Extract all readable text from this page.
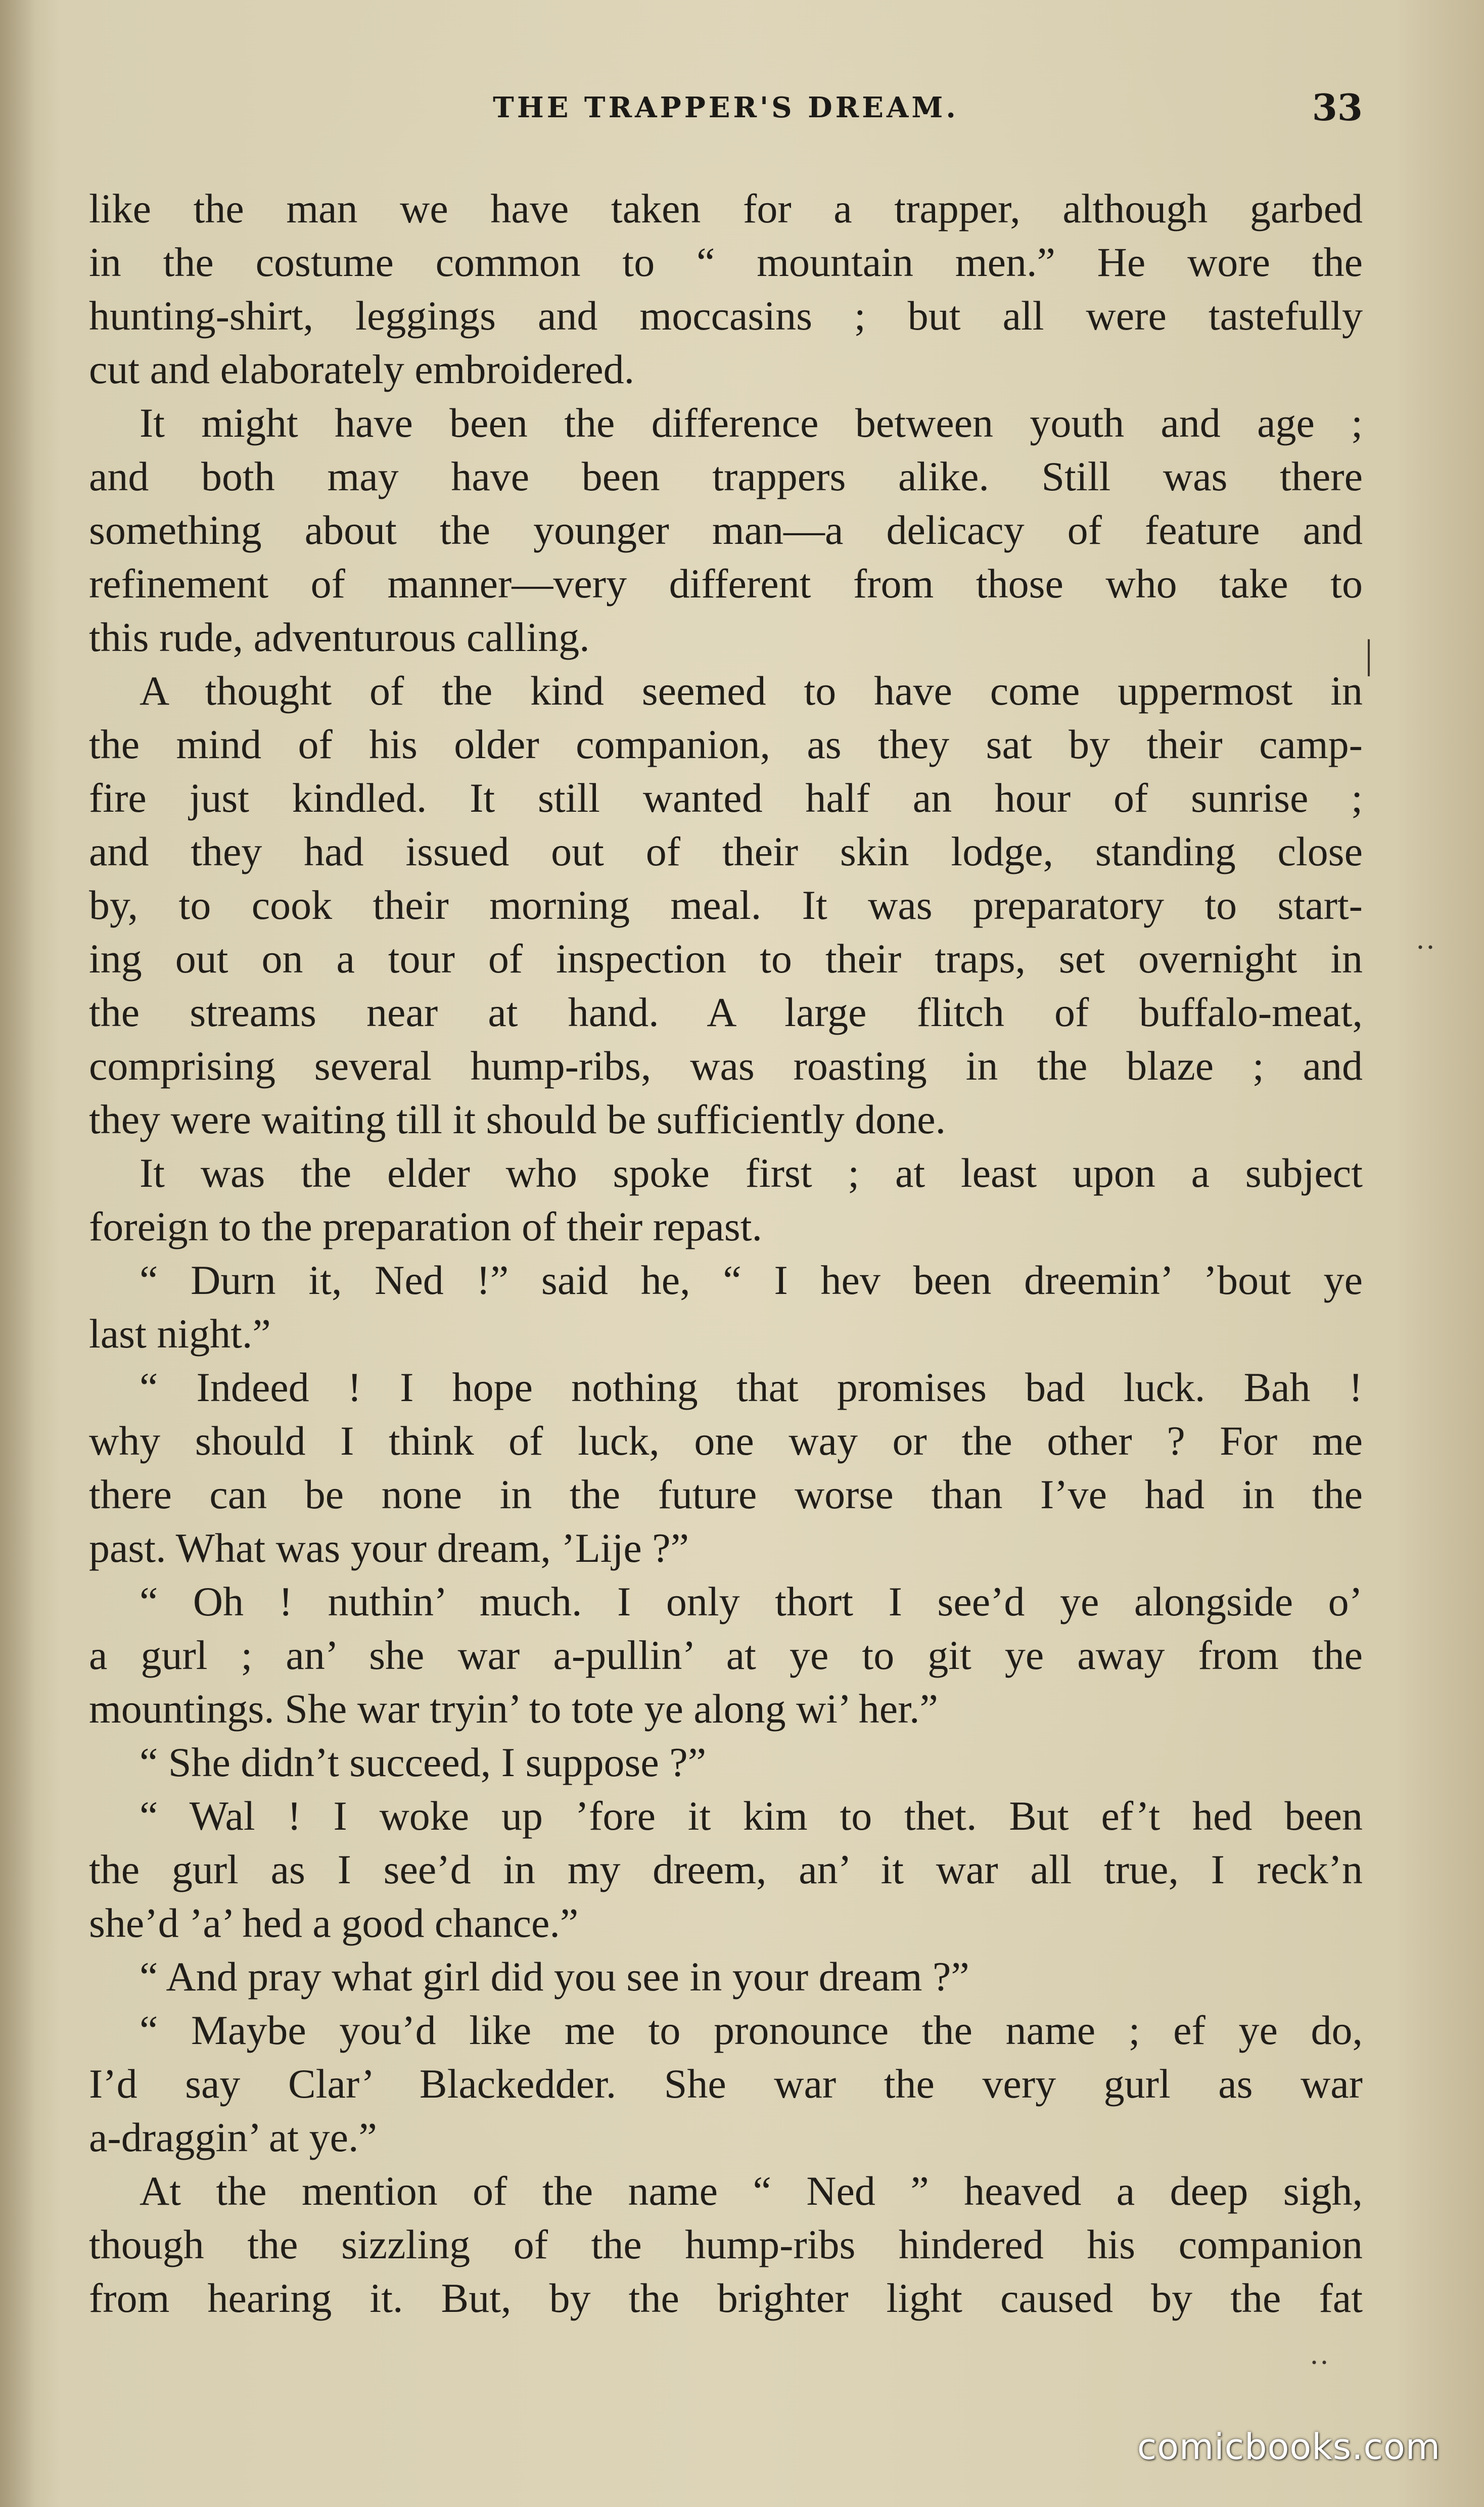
THE TRAPPER'S DREAM.	33
like the man we have taken for a trapper, although garbed
in the costume common to “ mountain men.” He wore the
hunting-shirt, leggings and moccasins ; but all were tastefully
cut and elaborately embroidered.
It might have been the difference between youth and age ;
and both may have been trappers alike. Still was there
something about the younger man—a delicacy of feature and
refinement of manner—very different from those who take to
this rude, adventurous calling.
A thought of the kind seemed to have come uppermost in
the mind of his older companion, as they sat by their camp-
fire just kindled. It still wanted half an hour of sunrise ;
and they had issued out of their skin lodge, standing close
by, to cook their morning meal. It was preparatory to start-
ing out on a tour of inspection to their traps, set overnight in
the streams near at hand. A large flitch of buffalo-meat,
comprising several hump-ribs, was roasting in the blaze ; and
they were waiting till it should be sufficiently done.
It was the elder who spoke first ; at least upon a subject
foreign to the preparation of their repast.
“ Durn it, Ned !” said he, “ I hev been dreemin’ ’bout ye
last night.”
“ Indeed ! I hope nothing that promises bad luck. Bah !
why should I think of luck, one way or the other ? For me
there can be none in the future worse than I’ve had in the
past. What was your dream, ’Lije ?”
“ Oh ! nuthin’ much. I only thort I see’d ye alongside o’
a gurl ; an’ she war a-pullin’ at ye to git ye away from the
mountings. She war tryin’ to tote ye along wi’ her.”
“ She didn’t succeed, I suppose ?”
“ Wal ! I woke up ’fore it kim to thet. But ef’t hed been
the gurl as I see’d in my dreem, an’ it war all true, I reck’n
she’d ’a’ hed a good chance.”
“ And pray what girl did you see in your dream ?”
“ Maybe you’d like me to pronounce the name ; ef ye do,
I’d say Clar’ Blackedder. She war the very gurl as war
a-draggin’ at ye.”
At the mention of the name “ Ned ” heaved a deep sigh,
though the sizzling of the hump-ribs hindered his companion
from hearing it. But, by the brighter light caused by the fat
|
··
··
comicbooks.com
